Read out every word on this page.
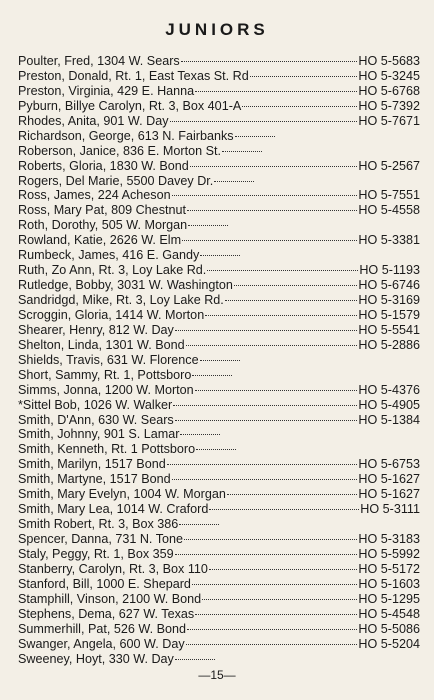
JUNIORS
Poulter, Fred, 1304 W. Sears	HO 5-5683
Preston, Donald, Rt. 1, East Texas St. Rd	HO 5-3245
Preston, Virginia, 429 E. Hanna	HO 5-6768
Pyburn, Billye Carolyn, Rt. 3, Box 401-A	HO 5-7392
Rhodes, Anita, 901 W. Day	HO 5-7671
Richardson, George, 613 N. Fairbanks
Roberson, Janice, 836 E. Morton St.
Roberts, Gloria, 1830 W. Bond	HO 5-2567
Rogers, Del Marie, 5500 Davey Dr.
Ross, James, 224 Acheson	HO 5-7551
Ross, Mary Pat, 809 Chestnut	HO 5-4558
Roth, Dorothy, 505 W. Morgan
Rowland, Katie, 2626 W. Elm	HO 5-3381
Rumbeck, James, 416 E. Gandy
Ruth, Zo Ann, Rt. 3, Loy Lake Rd.	HO 5-1193
Rutledge, Bobby, 3031 W. Washington	HO 5-6746
Sandridgd, Mike, Rt. 3, Loy Lake Rd.	HO 5-3169
Scroggin, Gloria, 1414 W. Morton	HO 5-1579
Shearer, Henry, 812 W. Day	HO 5-5541
Shelton, Linda, 1301 W. Bond	HO 5-2886
Shields, Travis, 631 W. Florence
Short, Sammy, Rt. 1, Pottsboro
Simms, Jonna, 1200 W. Morton	HO 5-4376
*Sittel Bob, 1026 W. Walker	HO 5-4905
Smith, D'Ann, 630 W. Sears	HO 5-1384
Smith, Johnny, 901 S. Lamar
Smith, Kenneth, Rt. 1 Pottsboro
Smith, Marilyn, 1517 Bond	HO 5-6753
Smith, Martyne, 1517 Bond	HO 5-1627
Smith, Mary Evelyn, 1004 W. Morgan	HO 5-1627
Smith, Mary Lea, 1014 W. Craford	HO 5-3111
Smith Robert, Rt. 3, Box 386
Spencer, Danna, 731 N. Tone	HO 5-3183
Staly, Peggy, Rt. 1, Box 359	HO 5-5992
Stanberry, Carolyn, Rt. 3, Box 110	HO 5-5172
Stanford, Bill, 1000 E. Shepard	HO 5-1603
Stamphill, Vinson, 2100 W. Bond	HO 5-1295
Stephens, Dema, 627 W. Texas	HO 5-4548
Summerhill, Pat, 526 W. Bond	HO 5-5086
Swanger, Angela, 600 W. Day	HO 5-5204
Sweeney, Hoyt, 330 W. Day
—15—
